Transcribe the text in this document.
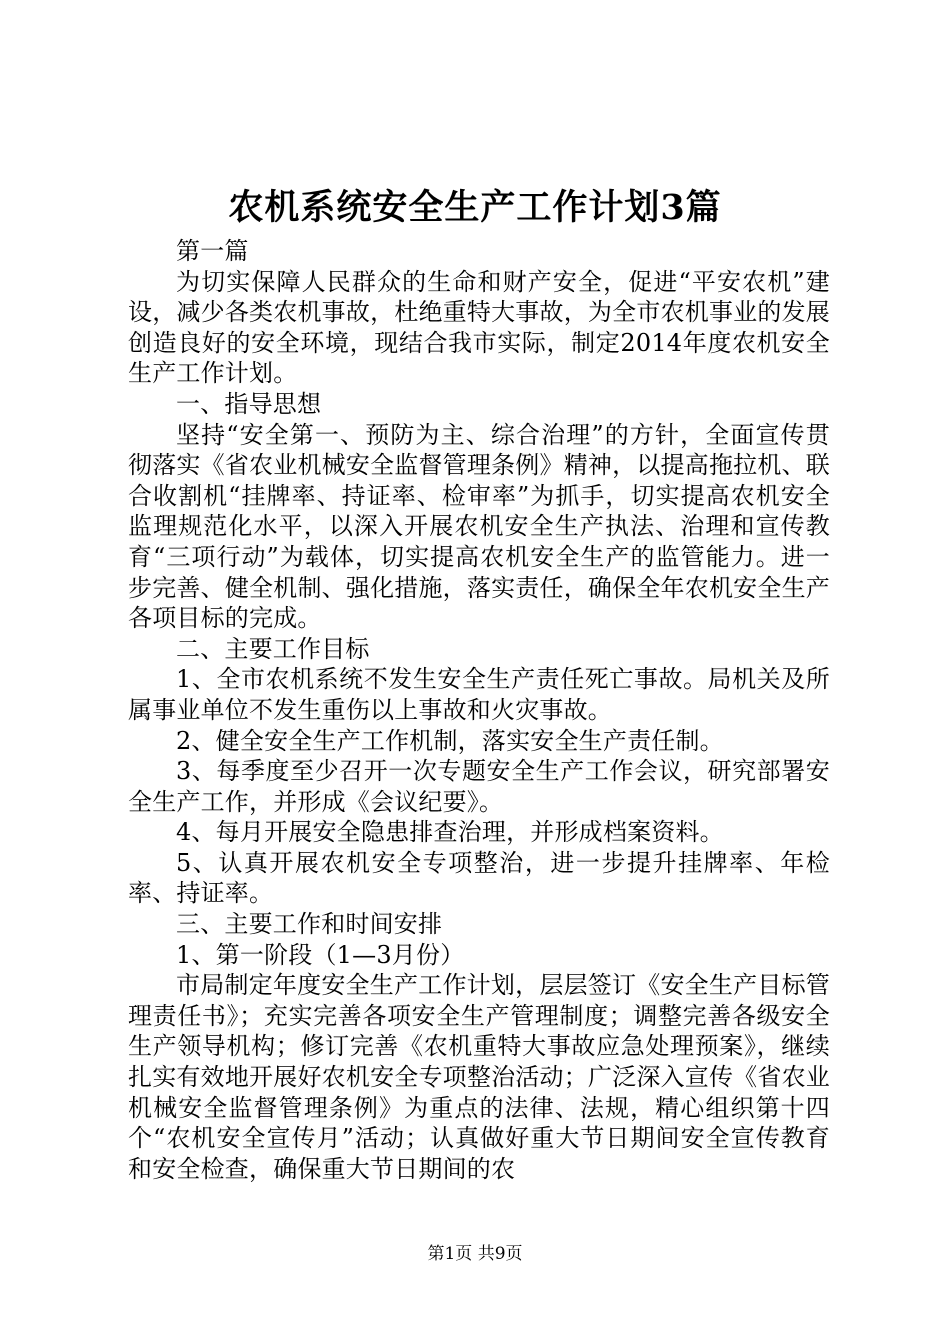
农机系统安全生产工作计划3篇

第一篇

为切实保障人民群众的生命和财产安全，促进“平安农机”建设，减少各类农机事故，杜绝重特大事故，为全市农机事业的发展创造良好的安全环境，现结合我市实际，制定2014年度农机安全生产工作计划。

一、指导思想

坚持“安全第一、预防为主、综合治理”的方针，全面宣传贯彻落实《省农业机械安全监督管理条例》精神，以提高拖拉机、联合收割机“挂牌率、持证率、检审率”为抓手，切实提高农机安全监理规范化水平，以深入开展农机安全生产执法、治理和宣传教育“三项行动”为载体，切实提高农机安全生产的监管能力。进一步完善、健全机制、强化措施，落实责任，确保全年农机安全生产各项目标的完成。

二、主要工作目标

1、全市农机系统不发生安全生产责任死亡事故。局机关及所属事业单位不发生重伤以上事故和火灾事故。

2、健全安全生产工作机制，落实安全生产责任制。

3、每季度至少召开一次专题安全生产工作会议，研究部署安全生产工作，并形成《会议纪要》。

4、每月开展安全隐患排查治理，并形成档案资料。

5、认真开展农机安全专项整治，进一步提升挂牌率、年检率、持证率。

三、主要工作和时间安排

1、第一阶段（1—3月份）

市局制定年度安全生产工作计划，层层签订《安全生产目标管理责任书》；充实完善各项安全生产管理制度；调整完善各级安全生产领导机构；修订完善《农机重特大事故应急处理预案》，继续扎实有效地开展好农机安全专项整治活动；广泛深入宣传《省农业机械安全监督管理条例》为重点的法律、法规，精心组织第十四个“农机安全宣传月”活动；认真做好重大节日期间安全宣传教育和安全检查，确保重大节日期间的农

第1页 共9页
